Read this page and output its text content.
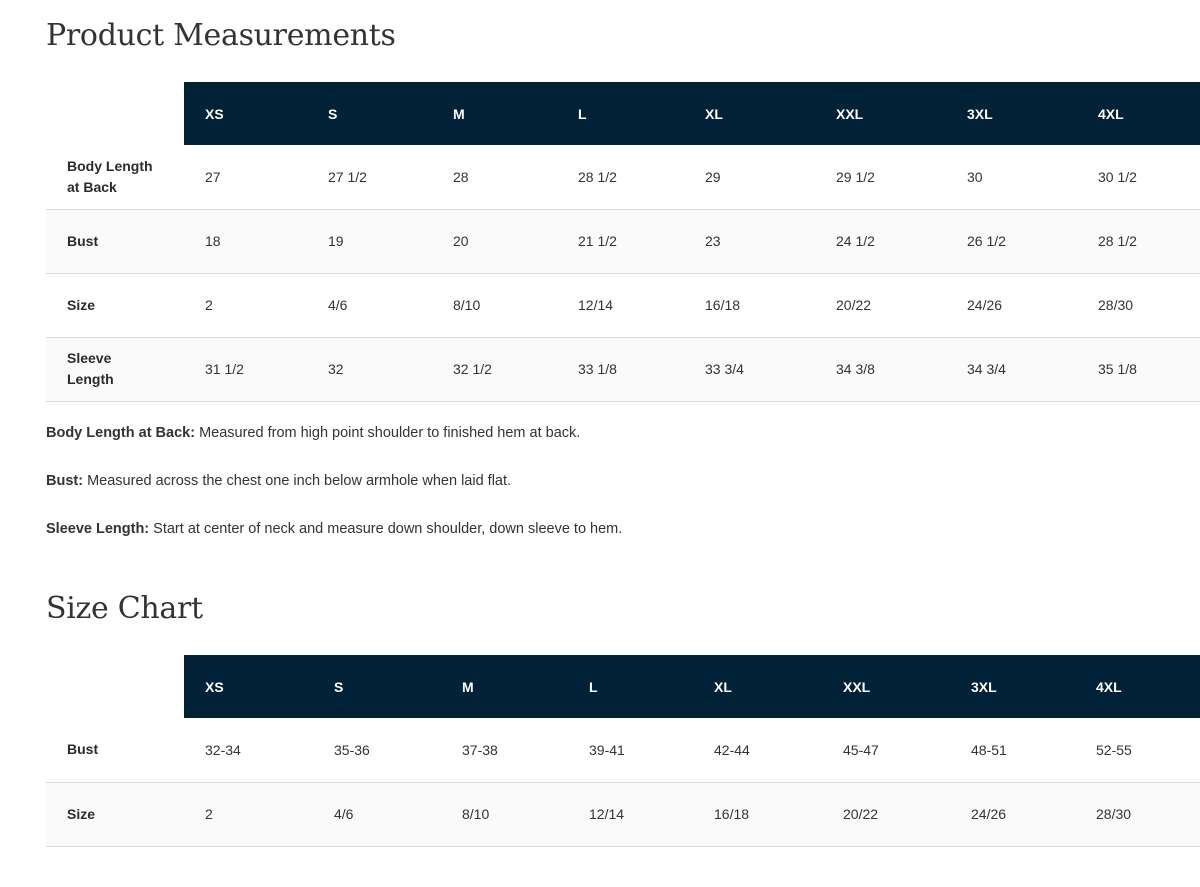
Product Measurements
	XS	S	M	L	XL	XXL	3XL	4XL
Body Length at Back	27	27 1/2	28	28 1/2	29	29 1/2	30	30 1/2
Bust	18	19	20	21 1/2	23	24 1/2	26 1/2	28 1/2
Size	2	4/6	8/10	12/14	16/18	20/22	24/26	28/30
Sleeve Length	31 1/2	32	32 1/2	33 1/8	33 3/4	34 3/8	34 3/4	35 1/8

Body Length at Back: Measured from high point shoulder to finished hem at back.

Bust: Measured across the chest one inch below armhole when laid flat.

Sleeve Length: Start at center of neck and measure down shoulder, down sleeve to hem.

Size Chart
	XS	S	M	L	XL	XXL	3XL	4XL
Bust	32-34	35-36	37-38	39-41	42-44	45-47	48-51	52-55
Size	2	4/6	8/10	12/14	16/18	20/22	24/26	28/30
